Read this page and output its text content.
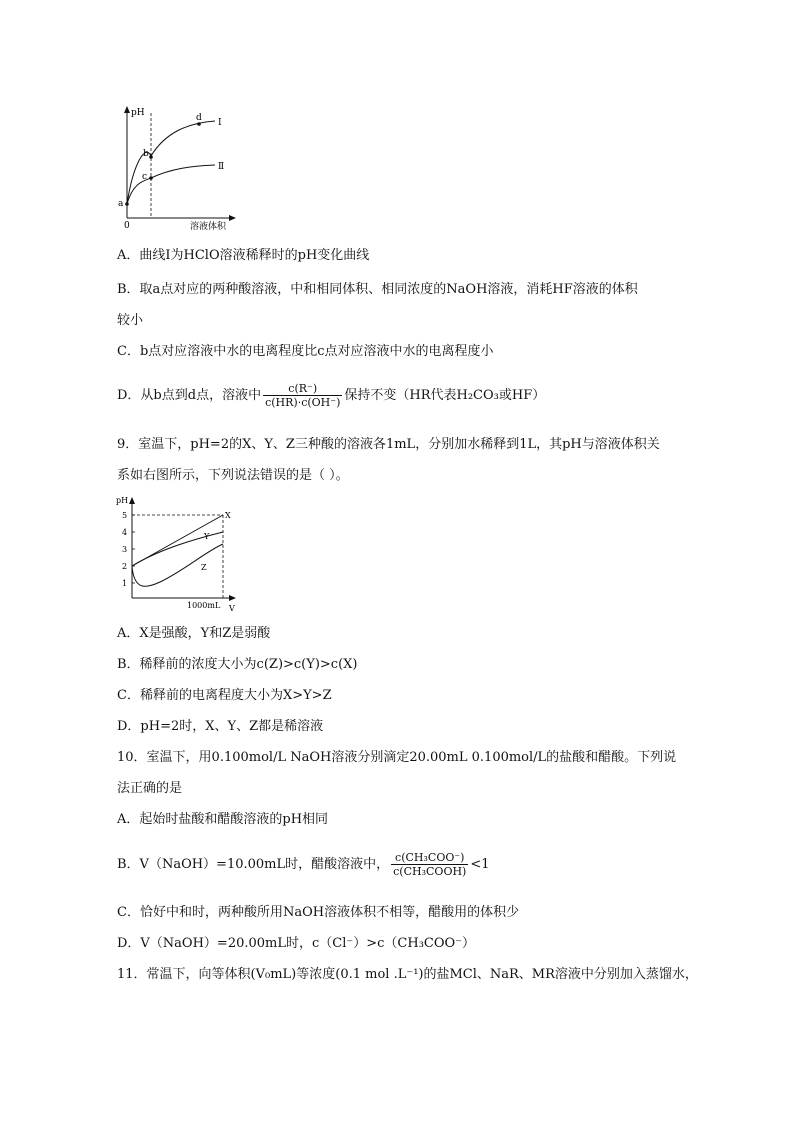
pH
溶液体积
0
a
b
c
d I
Ⅱ
A．曲线Ⅰ为HClO溶液稀释时的pH变化曲线
B．取a点对应的两种酸溶液，中和相同体积、相同浓度的NaOH溶液，消耗HF溶液的体积
较小
C．b点对应溶液中水的电离程度比c点对应溶液中水的电离程度小
D．从b点到d点，溶液中 $\frac{c(R^-)}{c(HR)\cdot c(OH^-)}$ 保持不变（HR代表H₂CO₃或HF）
9．室温下，pH=2的X、Y、Z三种酸的溶液各1mL，分别加水稀释到1L，其pH与溶液体积关
系如右图所示，下列说法错误的是（ ）。
pH
5
4
3
2
1
1000mL V
X
Y
Z
A．X是强酸，Y和Z是弱酸
B．稀释前的浓度大小为c(Z)>c(Y)>c(X)
C．稀释前的电离程度大小为X>Y>Z
D．pH=2时，X、Y、Z都是稀溶液
10．室温下，用0.100mol/L NaOH溶液分别滴定20.00mL 0.100mol/L的盐酸和醋酸。下列说
法正确的是
A．起始时盐酸和醋酸溶液的pH相同
B．V（NaOH）=10.00mL时，醋酸溶液中， $\frac{\text{c(CH₃COO⁻)}}{\text{c(CH₃COOH)}} <1$
C．恰好中和时，两种酸所用NaOH溶液体积不相等，醋酸用的体积少
D．V（NaOH）=20.00mL时，c（Cl⁻）>c（CH₃COO⁻）
11．常温下，向等体积(V₀mL)等浓度(0.1 mol .L⁻¹)的盐MCl、NaR、MR溶液中分别加入蒸馏水，
